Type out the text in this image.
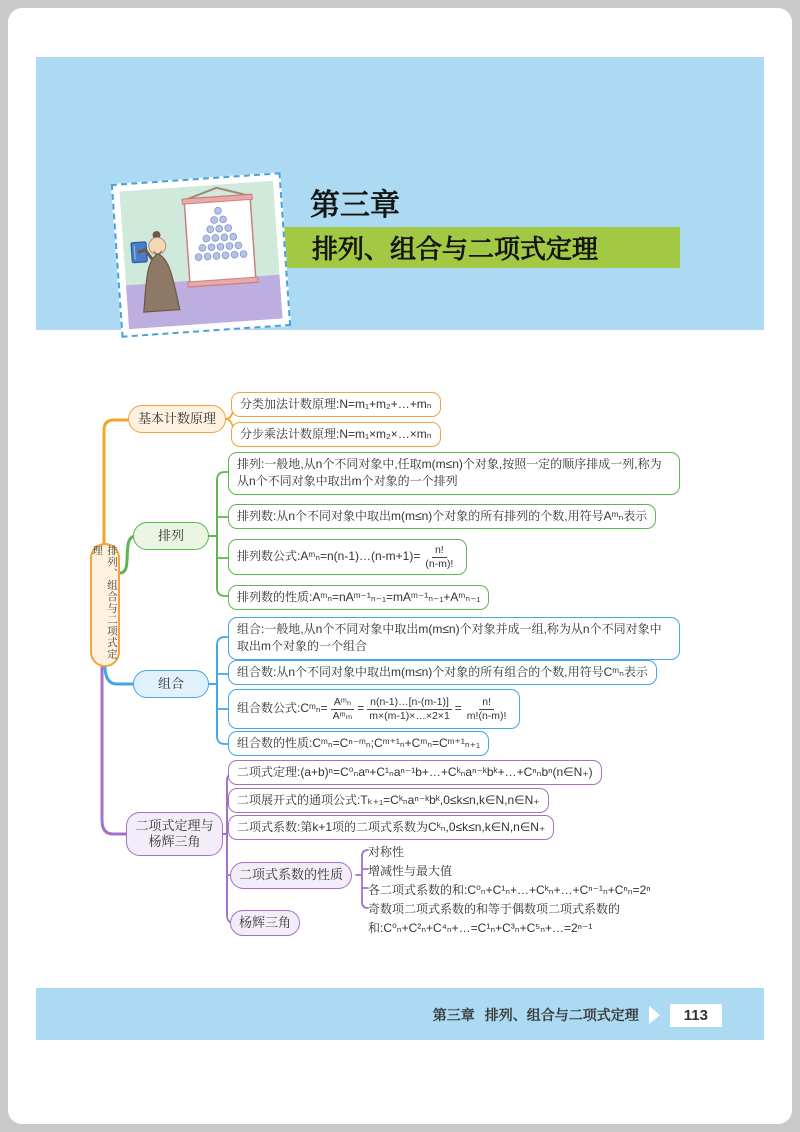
第三章
排列、组合与二项式定理
排列、组合与二项式定理
基本计数原理
分类加法计数原理:N=m₁+m₂+…+mₙ
分步乘法计数原理:N=m₁×m₂×…×mₙ
排列
排列:一般地,从n个不同对象中,任取m(m≤n)个对象,按照一定的顺序排成一列,称为从n个不同对象中取出m个对象的一个排列
排列数:从n个不同对象中取出m(m≤n)个对象的所有排列的个数,用符号Aᵐₙ表示
排列数公式:Aᵐₙ=n(n-1)…(n-m+1)= $\frac{n!}{(n-m)!}$
排列数的性质:Aᵐₙ=nAᵐ⁻¹ₙ₋₁=mAᵐ⁻¹ₙ₋₁+Aᵐₙ₋₁
组合
组合:一般地,从n个不同对象中取出m(m≤n)个对象并成一组,称为从n个不同对象中取出m个对象的一个组合
组合数:从n个不同对象中取出m(m≤n)个对象的所有组合的个数,用符号Cᵐₙ表示
组合数公式:Cᵐₙ= $\frac{\text{Aᵐₙ}}{\text{Aᵐₘ}} = \frac{n(n-1)\dots[n-(m-1)]}{m\times(m-1)\times\dots\times 2\times 1} = \frac{n!}{m!(n-m)!}$
组合数的性质:Cᵐₙ=Cⁿ⁻ᵐₙ;Cᵐ⁺¹ₙ+Cᵐₙ=Cᵐ⁺¹ₙ₊₁
二项式定理与杨辉三角
二项式定理:(a+b)ⁿ=C⁰ₙaⁿ+C¹ₙaⁿ⁻¹b+…+Cᵏₙaⁿ⁻ᵏbᵏ+…+Cⁿₙbⁿ(n∈N₊)
二项展开式的通项公式:Tₖ₊₁=Cᵏₙaⁿ⁻ᵏbᵏ,0≤k≤n,k∈N,n∈N₊
二项式系数:第k+1项的二项式系数为Cᵏₙ,0≤k≤n,k∈N,n∈N₊
二项式系数的性质
对称性
增减性与最大值
各二项式系数的和:C⁰ₙ+C¹ₙ+…+Cᵏₙ+…+Cⁿ⁻¹ₙ+Cⁿₙ=2ⁿ
奇数项二项式系数的和等于偶数项二项式系数的和:C⁰ₙ+C²ₙ+C⁴ₙ+…=C¹ₙ+C³ₙ+C⁵ₙ+…=2ⁿ⁻¹
杨辉三角
第三章 排列、组合与二项式定理	113
